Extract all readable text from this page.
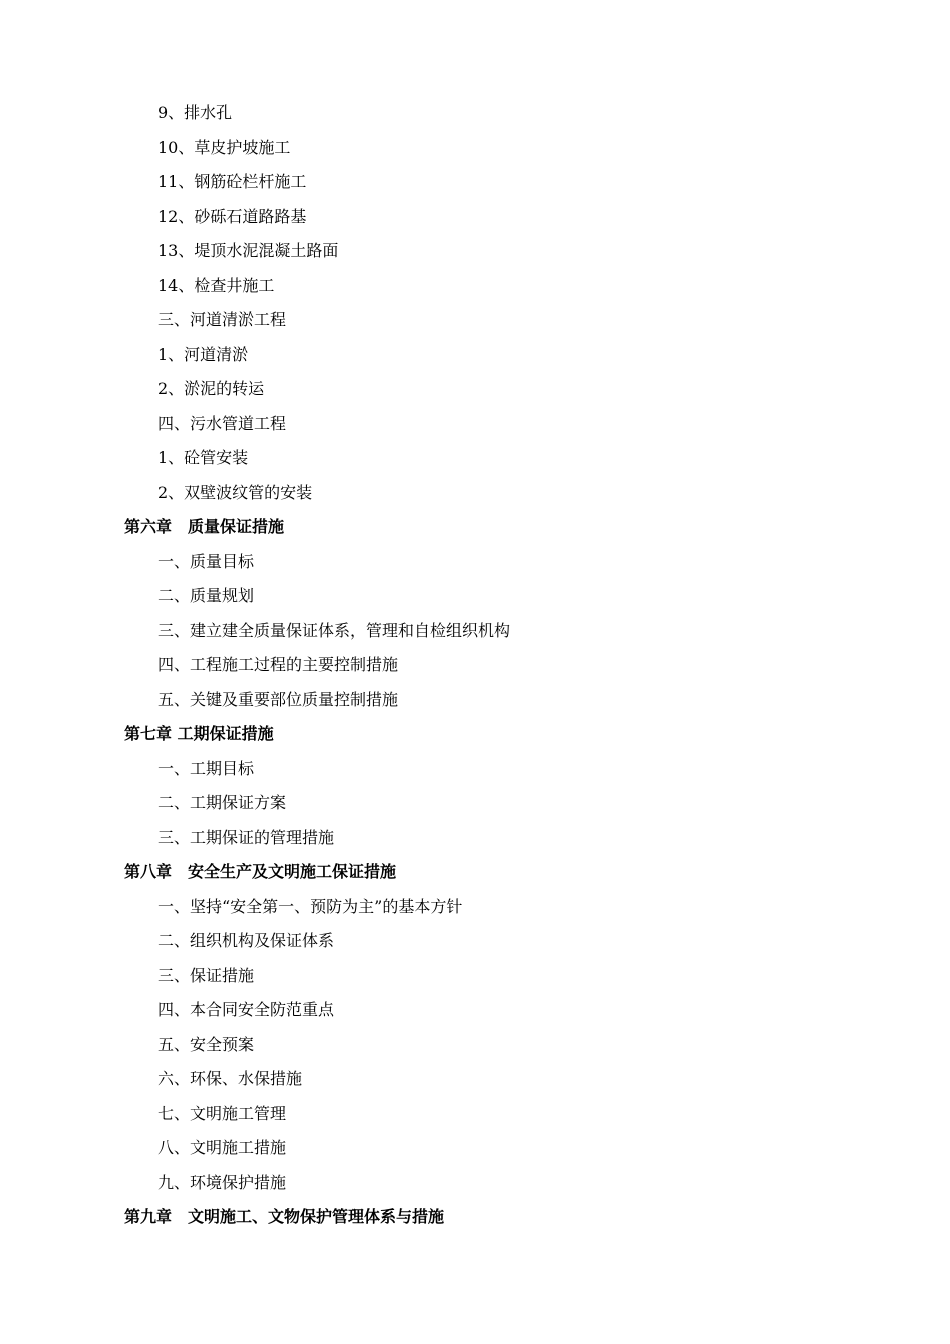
9、排水孔
10、草皮护坡施工
11、钢筋砼栏杆施工
12、砂砾石道路路基
13、堤顶水泥混凝土路面
14、检查井施工
三、河道清淤工程
1、河道清淤
2、淤泥的转运
四、污水管道工程
1、砼管安装
2、双壁波纹管的安装
第六章　质量保证措施
一、质量目标
二、质量规划
三、建立建全质量保证体系，管理和自检组织机构
四、工程施工过程的主要控制措施
五、关键及重要部位质量控制措施
第七章 工期保证措施
一、工期目标
二、工期保证方案
三、工期保证的管理措施
第八章　安全生产及文明施工保证措施
一、坚持“安全第一、预防为主”的基本方针
二、组织机构及保证体系
三、保证措施
四、本合同安全防范重点
五、安全预案
六、环保、水保措施
七、文明施工管理
八、文明施工措施
九、环境保护措施
第九章　文明施工、文物保护管理体系与措施
